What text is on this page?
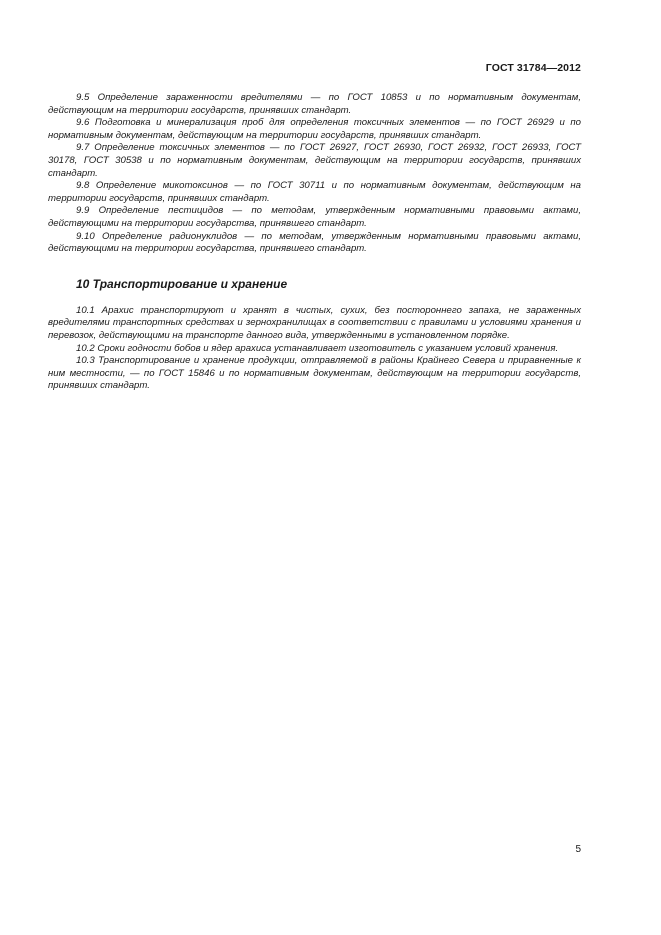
ГОСТ 31784—2012

9.5 Определение зараженности вредителями — по ГОСТ 10853 и по нормативным документам, действующим на территории государств, принявших стандарт.

9.6 Подготовка и минерализация проб для определения токсичных элементов — по ГОСТ 26929 и по нормативным документам, действующим на территории государств, принявших стандарт.

9.7 Определение токсичных элементов — по ГОСТ 26927, ГОСТ 26930, ГОСТ 26932, ГОСТ 26933, ГОСТ 30178, ГОСТ 30538 и по нормативным документам, действующим на территории государств, принявших стандарт.

9.8 Определение микотоксинов — по ГОСТ 30711 и по нормативным документам, действующим на территории государств, принявших стандарт.

9.9 Определение пестицидов — по методам, утвержденным нормативными правовыми актами, действующими на территории государства, принявшего стандарт.

9.10 Определение радионуклидов — по методам, утвержденным нормативными правовыми актами, действующими на территории государства, принявшего стандарт.

10 Транспортирование и хранение

10.1 Арахис транспортируют и хранят в чистых, сухих, без постороннего запаха, не зараженных вредителями транспортных средствах и зернохранилищах в соответствии с правилами и условиями хранения и перевозок, действующими на транспорте данного вида, утвержденными в установленном порядке.

10.2 Сроки годности бобов и ядер арахиса устанавливает изготовитель с указанием условий хранения.

10.3 Транспортирование и хранение продукции, отправляемой в районы Крайнего Севера и приравненные к ним местности, — по ГОСТ 15846 и по нормативным документам, действующим на территории государств, принявших стандарт.

5
